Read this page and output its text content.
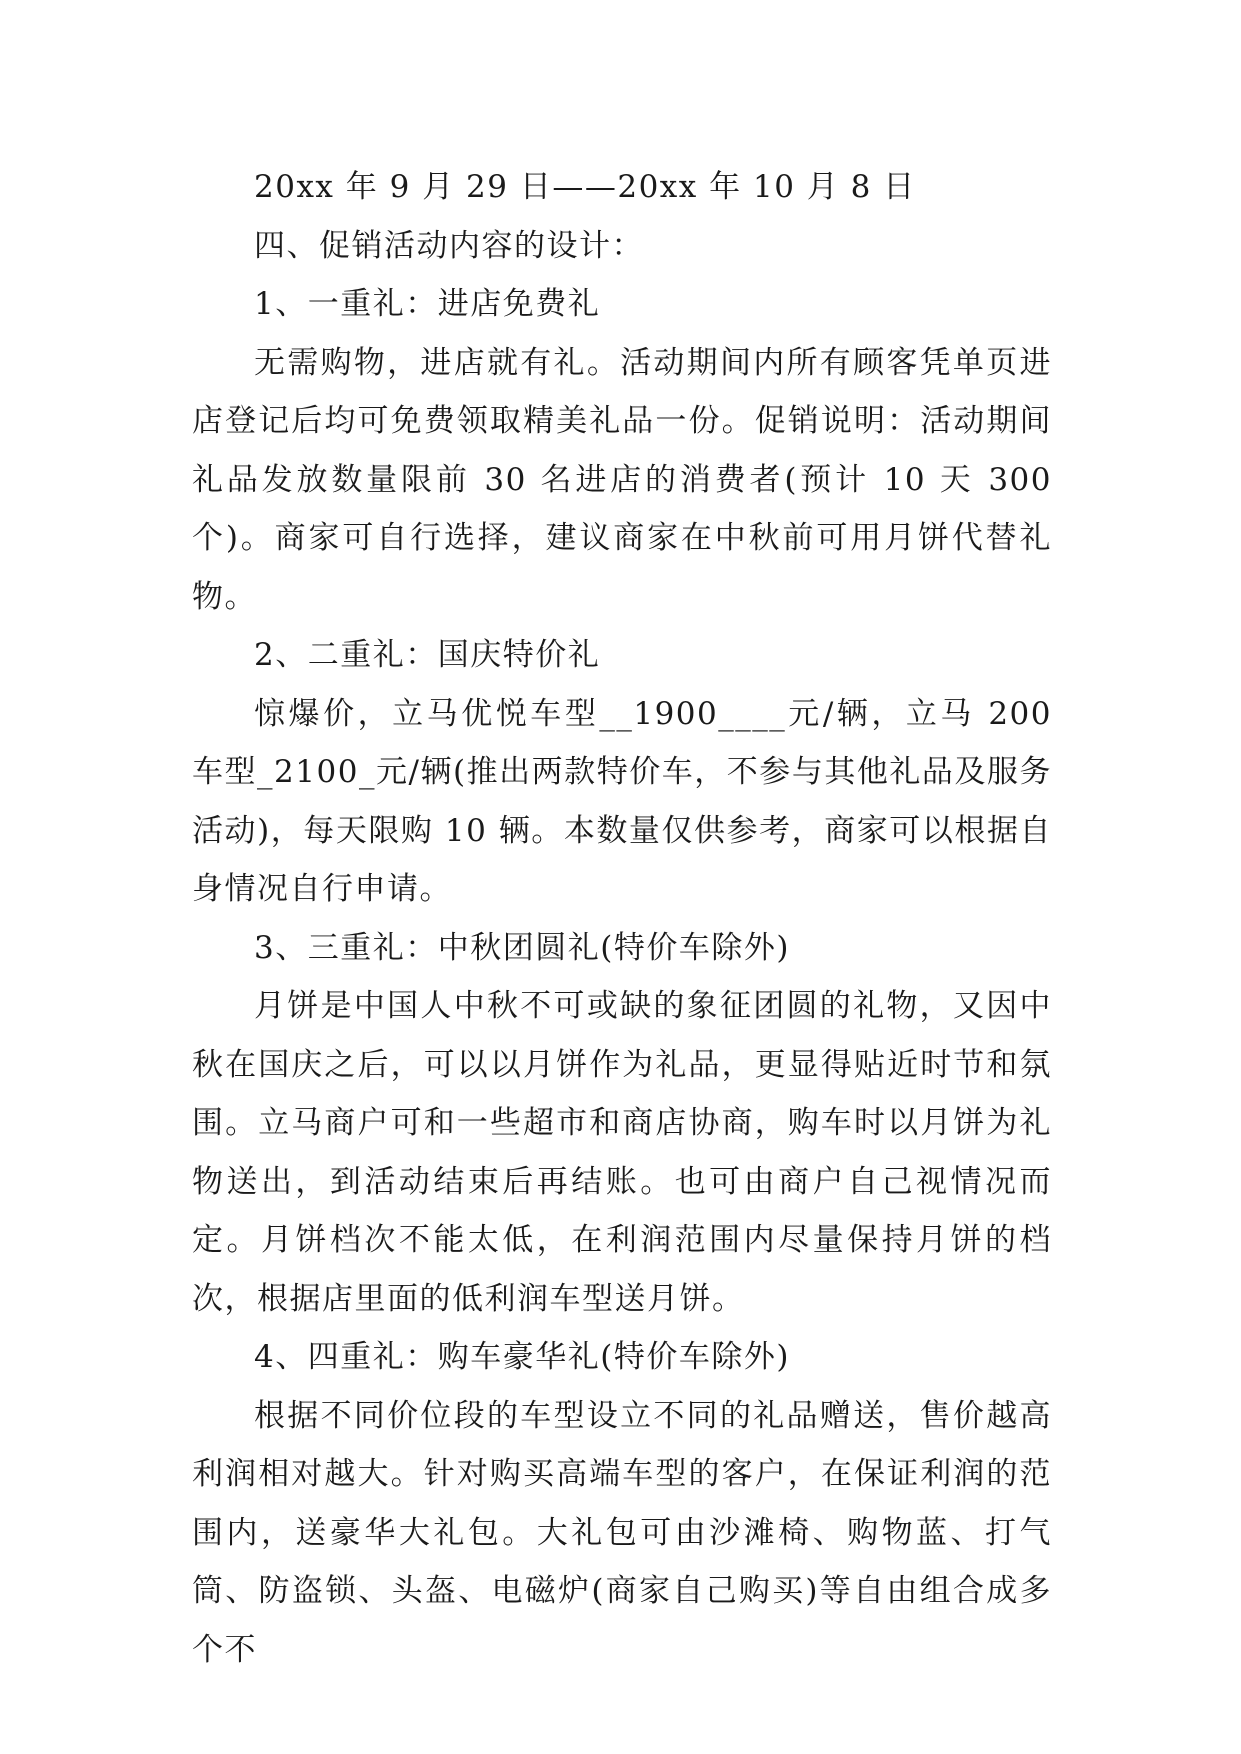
20xx 年 9 月 29 日——20xx 年 10 月 8 日

四、促销活动内容的设计：

1、一重礼：进店免费礼

无需购物，进店就有礼。活动期间内所有顾客凭单页进店登记后均可免费领取精美礼品一份。促销说明：活动期间礼品发放数量限前 30 名进店的消费者(预计 10 天 300 个)。商家可自行选择，建议商家在中秋前可用月饼代替礼物。

2、二重礼：国庆特价礼

惊爆价，立马优悦车型__1900____元/辆，立马 200 车型_2100_元/辆(推出两款特价车，不参与其他礼品及服务活动)，每天限购 10 辆。本数量仅供参考，商家可以根据自身情况自行申请。

3、三重礼：中秋团圆礼(特价车除外)

月饼是中国人中秋不可或缺的象征团圆的礼物，又因中秋在国庆之后，可以以月饼作为礼品，更显得贴近时节和氛围。立马商户可和一些超市和商店协商，购车时以月饼为礼物送出，到活动结束后再结账。也可由商户自己视情况而定。月饼档次不能太低，在利润范围内尽量保持月饼的档次，根据店里面的低利润车型送月饼。

4、四重礼：购车豪华礼(特价车除外)

根据不同价位段的车型设立不同的礼品赠送，售价越高利润相对越大。针对购买高端车型的客户，在保证利润的范围内，送豪华大礼包。大礼包可由沙滩椅、购物蓝、打气筒、防盗锁、头盔、电磁炉(商家自己购买)等自由组合成多个不
